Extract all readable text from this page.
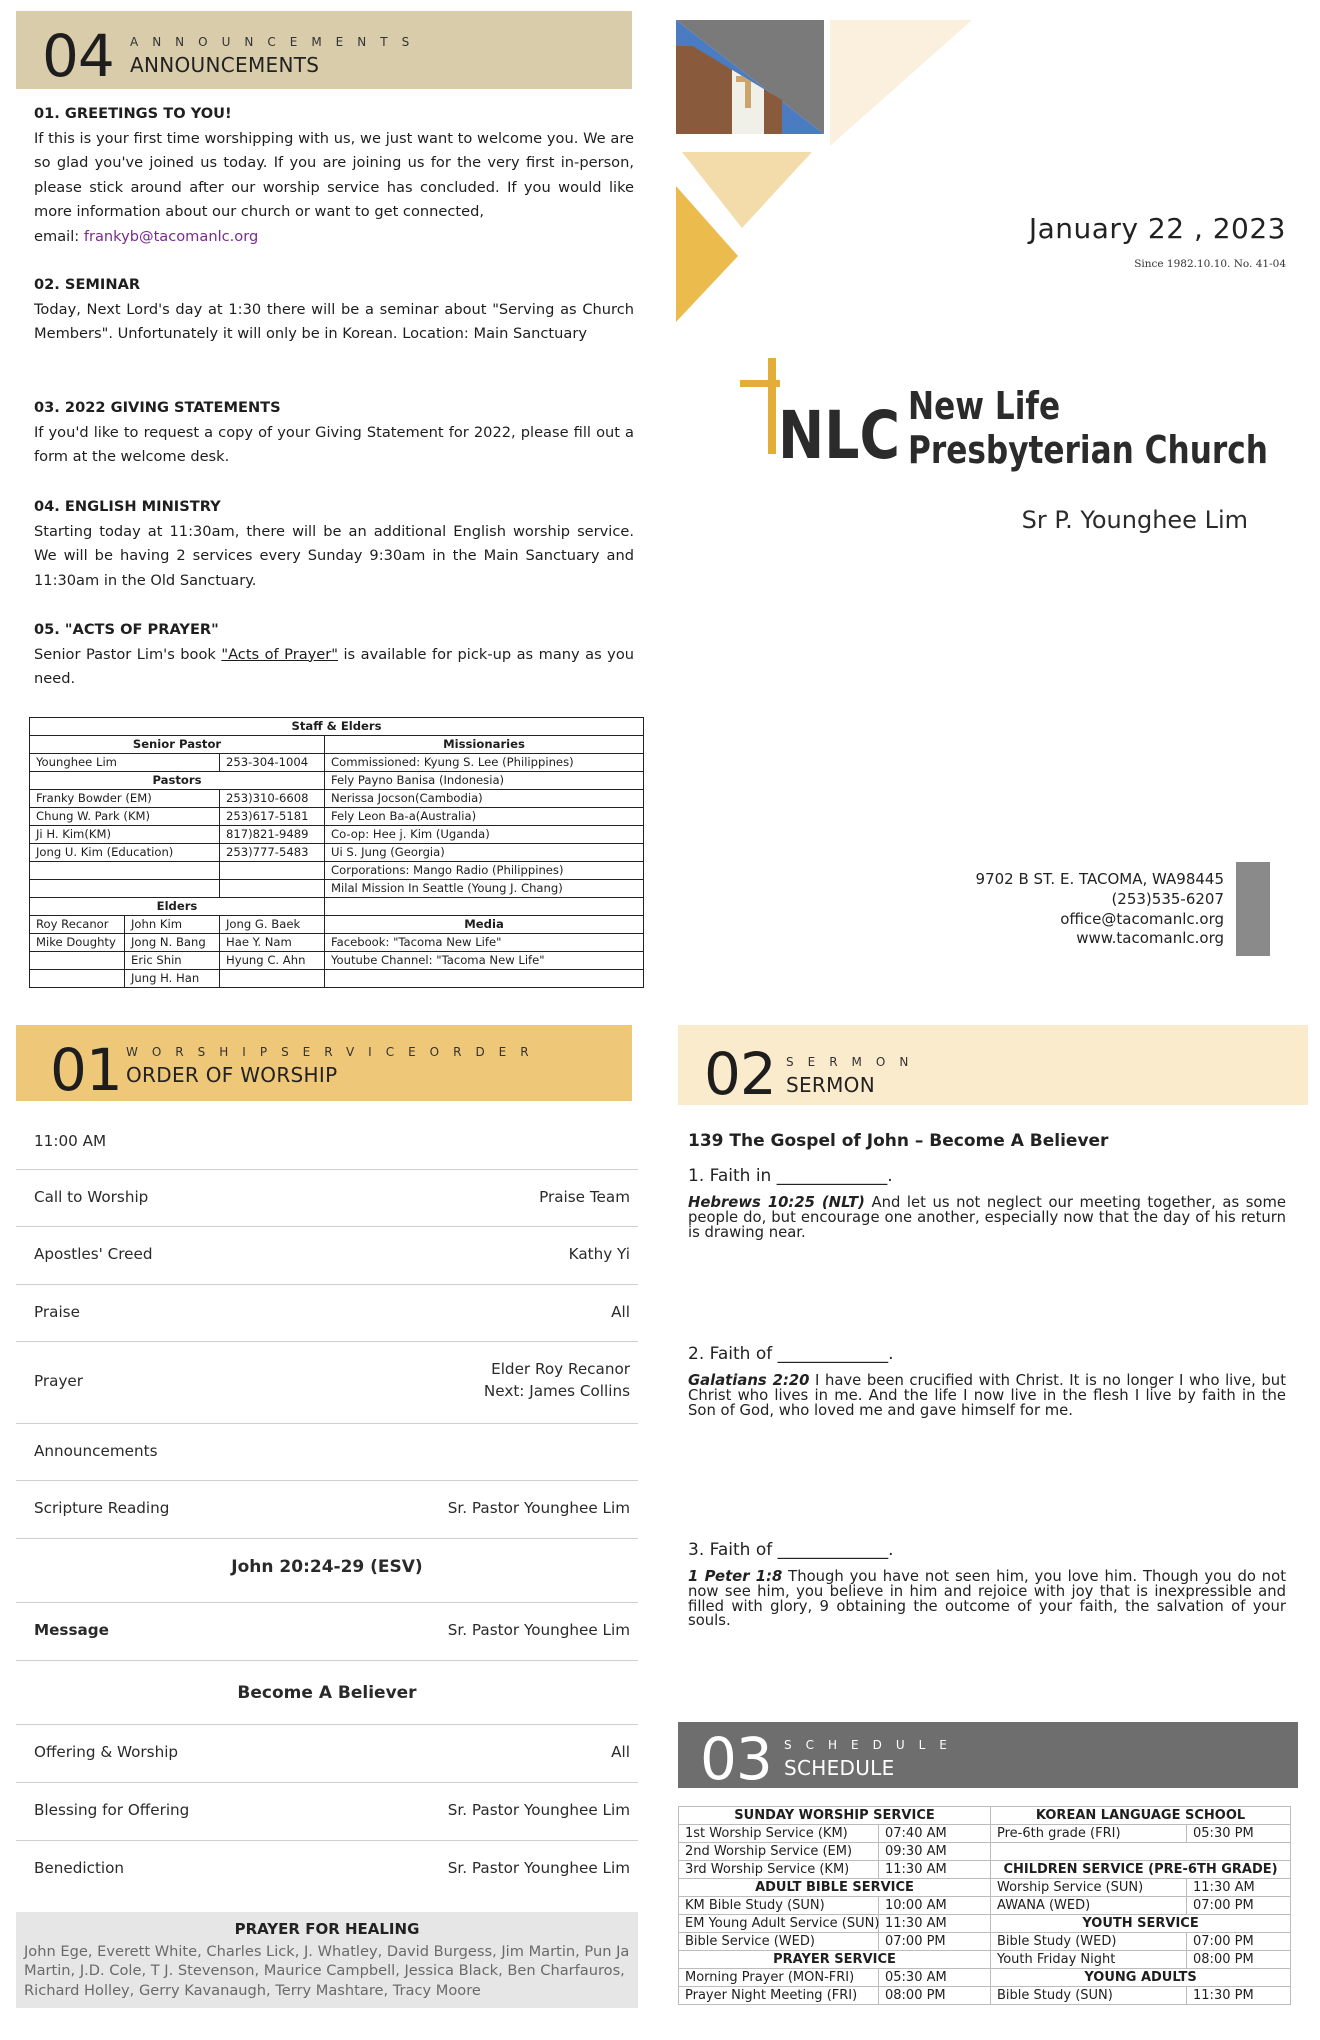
04 ANNOUNCEMENTS
ANNOUNCEMENTS
01. GREETINGS TO YOU!
If this is your first time worshipping with us, we just want to welcome you. We are so glad you've joined us today. If you are joining us for the very first in-person, please stick around after our worship service has concluded. If you would like more information about our church or want to get connected,
email: frankyb@tacomanlc.org
02. SEMINAR
Today, Next Lord's day at 1:30 there will be a seminar about "Serving as Church Members". Unfortunately it will only be in Korean. Location: Main Sanctuary
03. 2022 GIVING STATEMENTS
If you'd like to request a copy of your Giving Statement for 2022, please fill out a form at the welcome desk.
04. ENGLISH MINISTRY
Starting today at 11:30am, there will be an additional English worship service. We will be having 2 services every Sunday 9:30am in the Main Sanctuary and 11:30am in the Old Sanctuary.
05. "ACTS OF PRAYER"
Senior Pastor Lim's book "Acts of Prayer" is available for pick-up as many as you need.
Staff & Elders			
Senior Pastor			Missionaries
Younghee Lim		253-304-1004	Commissioned: Kyung S. Lee (Philippines)
Pastors			Fely Payno Banisa (Indonesia)
Franky Bowder (EM)		253)310-6608	Nerissa Jocson(Cambodia)
Chung W. Park (KM)		253)617-5181	Fely Leon Ba-a(Australia)
Ji H. Kim(KM)		817)821-9489	Co-op: Hee j. Kim (Uganda)
Jong U. Kim (Education)		253)777-5483	Ui S. Jung (Georgia)
			Corporations: Mango Radio (Philippines)
			Milal Mission In Seattle (Young J. Chang)
Elders			
Roy Recanor	John Kim	Jong G. Baek	Media
Mike Doughty	Jong N. Bang	Hae Y. Nam	Facebook: "Tacoma New Life"
	Eric Shin	Hyung C. Ahn	Youtube Channel: "Tacoma New Life"
	Jung H. Han		
January 22 , 2023
Since 1982.10.10. No. 41-04
NLC New Life
Presbyterian Church
Sr P. Younghee Lim
9702 B ST. E. TACOMA, WA98445
(253)535-6207
office@tacomanlc.org
www.tacomanlc.org
01 WORSHIPSERVICEORDER
ORDER OF WORSHIP
11:00 AM
Call to Worship	Praise Team
Apostles' Creed	Kathy Yi
Praise	All
Prayer
Elder Roy Recanor
Next: James Collins
Announcements
Scripture Reading	Sr. Pastor Younghee Lim
John 20:24-29 (ESV)
Message	Sr. Pastor Younghee Lim
Become A Believer
Offering & Worship	All
Blessing for Offering	Sr. Pastor Younghee Lim
Benediction	Sr. Pastor Younghee Lim
PRAYER FOR HEALING
John Ege, Everett White, Charles Lick, J. Whatley, David Burgess, Jim Martin, Pun Ja Martin, J.D. Cole, T J. Stevenson, Maurice Campbell, Jessica Black, Ben Charfauros, Richard Holley, Gerry Kavanaugh, Terry Mashtare, Tracy Moore
02 SERMON
SERMON
139 The Gospel of John – Become A Believer
1. Faith in _____________.
Hebrews 10:25 (NLT) And let us not neglect our meeting together, as some people do, but encourage one another, especially now that the day of his return is drawing near.
2. Faith of _____________.
Galatians 2:20 I have been crucified with Christ. It is no longer I who live, but Christ who lives in me. And the life I now live in the flesh I live by faith in the Son of God, who loved me and gave himself for me.
3. Faith of _____________.
1 Peter 1:8 Though you have not seen him, you love him. Though you do not now see him, you believe in him and rejoice with joy that is inexpressible and filled with glory, 9 obtaining the outcome of your faith, the salvation of your souls.
03 SCHEDULE
SCHEDULE
SUNDAY WORSHIP SERVICE		KOREAN LANGUAGE SCHOOL	
1st Worship Service (KM)	07:40 AM	Pre-6th grade (FRI)	05:30 PM
2nd Worship Service (EM)	09:30 AM		
3rd Worship Service (KM)	11:30 AM	CHILDREN SERVICE (PRE-6TH GRADE)	
ADULT BIBLE SERVICE		Worship Service (SUN)	11:30 AM
KM Bible Study (SUN)	10:00 AM	AWANA (WED)	07:00 PM
EM Young Adult Service (SUN)	11:30 AM	YOUTH SERVICE	
Bible Service (WED)	07:00 PM	Bible Study (WED)	07:00 PM
PRAYER SERVICE		Youth Friday Night	08:00 PM
Morning Prayer (MON-FRI)	05:30 AM	YOUNG ADULTS	
Prayer Night Meeting (FRI)	08:00 PM	Bible Study (SUN)	11:30 PM
